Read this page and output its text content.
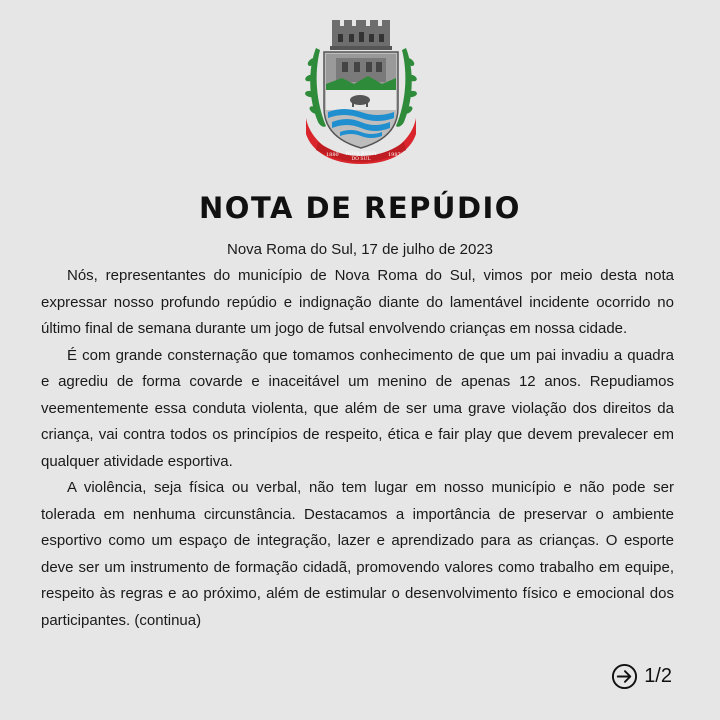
1880 NOVA ROMA
DO SUL
1987
NOTA DE REPÚDIO
Nova Roma do Sul, 17 de julho de 2023

Nós, representantes do município de Nova Roma do Sul, vimos por meio desta nota expressar nosso profundo repúdio e indignação diante do lamentável incidente ocorrido no último final de semana durante um jogo de futsal envolvendo crianças em nossa cidade.

É com grande consternação que tomamos conhecimento de que um pai invadiu a quadra e agrediu de forma covarde e inaceitável um menino de apenas 12 anos. Repudiamos veementemente essa conduta violenta, que além de ser uma grave violação dos direitos da criança, vai contra todos os princípios de respeito, ética e fair play que devem prevalecer em qualquer atividade esportiva.

A violência, seja física ou verbal, não tem lugar em nosso município e não pode ser tolerada em nenhuma circunstância. Destacamos a importância de preservar o ambiente esportivo como um espaço de integração, lazer e aprendizado para as crianças. O esporte deve ser um instrumento de formação cidadã, promovendo valores como trabalho em equipe, respeito às regras e ao próximo, além de estimular o desenvolvimento físico e emocional dos participantes. (continua)

1/2
